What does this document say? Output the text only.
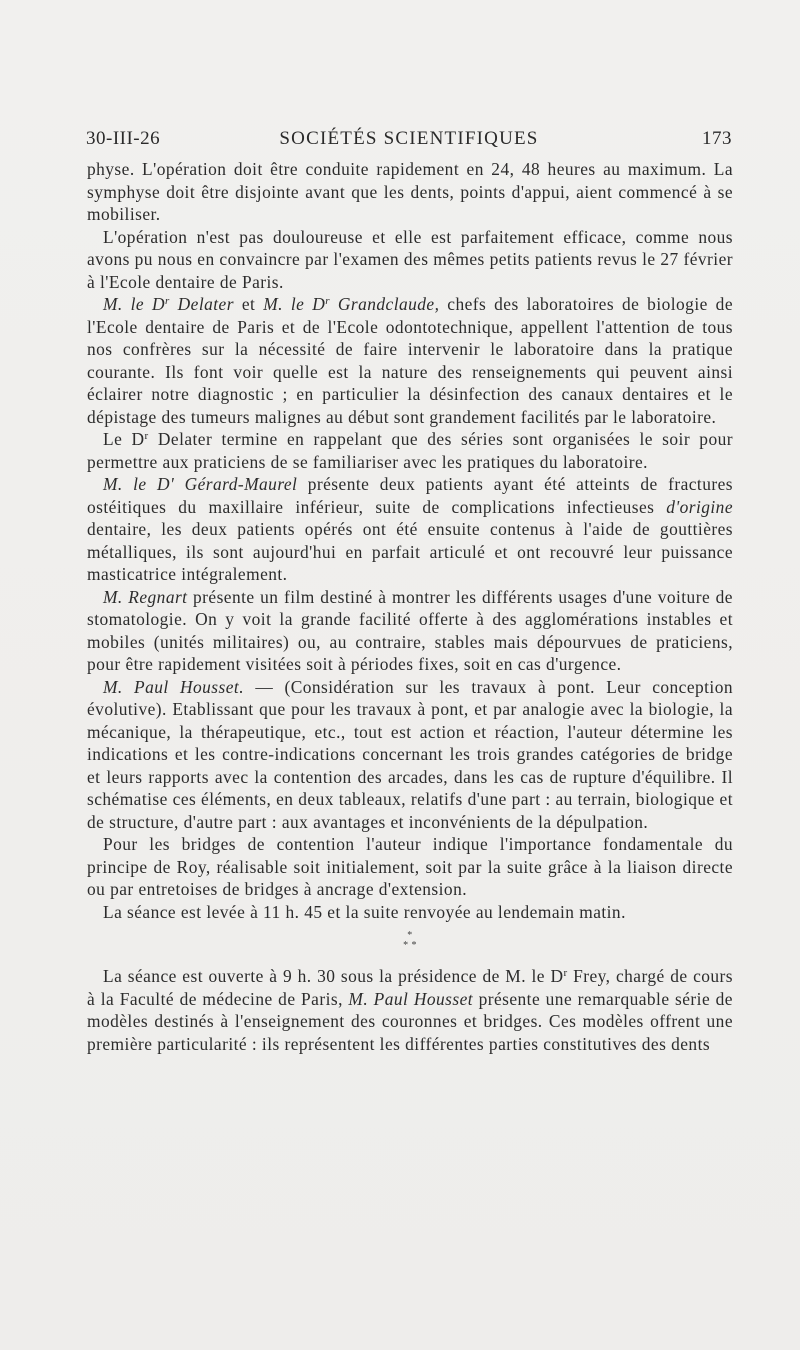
30-III-26	SOCIÉTÉS SCIENTIFIQUES	173

physe. L'opération doit être conduite rapidement en 24, 48 heures au maximum. La symphyse doit être disjointe avant que les dents, points d'appui, aient commencé à se mobiliser.

L'opération n'est pas douloureuse et elle est parfaitement efficace, comme nous avons pu nous en convaincre par l'examen des mêmes petits patients revus le 27 février à l'Ecole dentaire de Paris.

M. le $D^r$ Delater et M. le $D^r$ Grandclaude, chefs des laboratoires de biologie de l'Ecole dentaire de Paris et de l'Ecole odontotechnique, appellent l'attention de tous nos confrères sur la nécessité de faire intervenir le laboratoire dans la pratique courante. Ils font voir quelle est la nature des renseignements qui peuvent ainsi éclairer notre diagnostic ; en particulier la désinfection des canaux dentaires et le dépistage des tumeurs malignes au début sont grandement facilités par le laboratoire.

Le $D^r$ Delater termine en rappelant que des séries sont organisées le soir pour permettre aux praticiens de se familiariser avec les pratiques du laboratoire.

M. le D' Gérard-Maurel présente deux patients ayant été atteints de fractures ostéitiques du maxillaire inférieur, suite de complications infectieuses d'origine dentaire, les deux patients opérés ont été ensuite contenus à l'aide de gouttières métalliques, ils sont aujourd'hui en parfait articulé et ont recouvré leur puissance masticatrice intégralement.

M. Regnart présente un film destiné à montrer les différents usages d'une voiture de stomatologie. On y voit la grande facilité offerte à des agglomérations instables et mobiles (unités militaires) ou, au contraire, stables mais dépourvues de praticiens, pour être rapidement visitées soit à périodes fixes, soit en cas d'urgence.

M. Paul Housset. — (Considération sur les travaux à pont. Leur conception évolutive). Etablissant que pour les travaux à pont, et par analogie avec la biologie, la mécanique, la thérapeutique, etc., tout est action et réaction, l'auteur détermine les indications et les contre-indications concernant les trois grandes catégories de bridge et leurs rapports avec la contention des arcades, dans les cas de rupture d'équilibre. Il schématise ces éléments, en deux tableaux, relatifs d'une part : au terrain, biologique et de structure, d'autre part : aux avantages et inconvénients de la dépulpation.

Pour les bridges de contention l'auteur indique l'importance fondamentale du principe de Roy, réalisable soit initialement, soit par la suite grâce à la liaison directe ou par entretoises de bridges à ancrage d'extension.

La séance est levée à 11 h. 45 et la suite renvoyée au lendemain matin.

*
* *

La séance est ouverte à 9 h. 30 sous la présidence de M. le $D^r$ Frey, chargé de cours à la Faculté de médecine de Paris, M. Paul Housset présente une remarquable série de modèles destinés à l'enseignement des couronnes et bridges. Ces modèles offrent une première particularité : ils représentent les différentes parties constitutives des dents
